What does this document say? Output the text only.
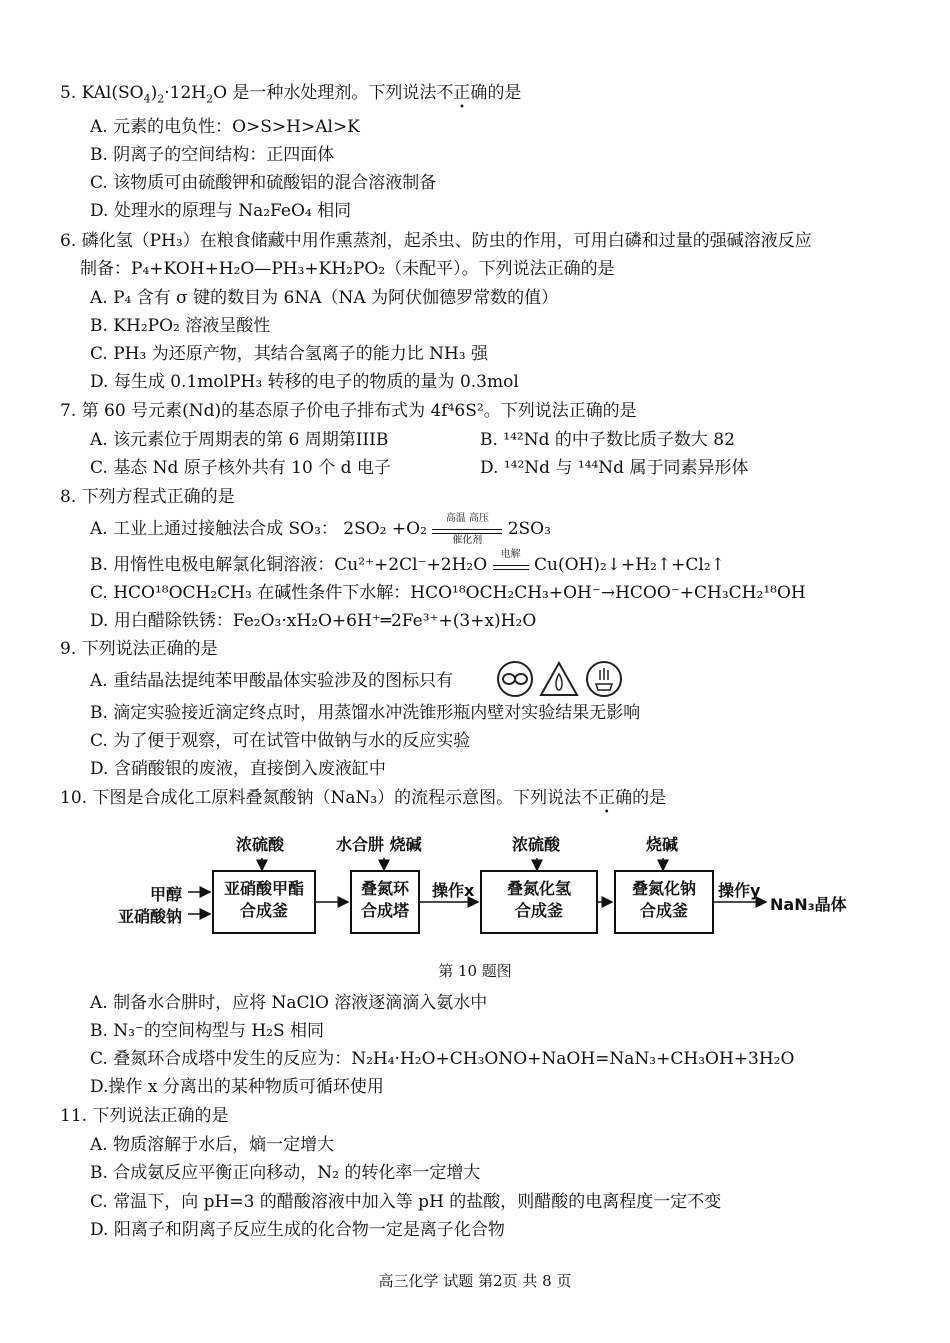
5. $KAl(SO_4)_2\cdot 12H_2O$ 是一种水处理剂。下列说法不正确的是
A. 元素的电负性：O>S>H>Al>K
B. 阴离子的空间结构：正四面体
C. 该物质可由硫酸钾和硫酸铝的混合溶液制备
D. 处理水的原理与 Na₂FeO₄ 相同
6. 磷化氢（PH₃）在粮食储藏中用作熏蒸剂，起杀虫、防虫的作用，可用白磷和过量的强碱溶液反应
制备：P₄+KOH+H₂O—PH₃+KH₂PO₂（未配平）。下列说法正确的是
A. P₄ 含有 σ 键的数目为 6NA（NA 为阿伏伽德罗常数的值）
B. KH₂PO₂ 溶液呈酸性
C. PH₃ 为还原产物，其结合氢离子的能力比 NH₃ 强
D. 每生成 0.1molPH₃ 转移的电子的物质的量为 0.3mol
7. 第 60 号元素(Nd)的基态原子价电子排布式为 4f⁴6S²。下列说法正确的是
A. 该元素位于周期表的第 6 周期第IIIB	B. ¹⁴²Nd 的中子数比质子数大 82
C. 基态 Nd 原子核外共有 10 个 d 电子	D. ¹⁴²Nd 与 ¹⁴⁴Nd 属于同素异形体
8. 下列方程式正确的是
A. 工业上通过接触法合成 SO₃： 2SO₂ +O₂
高温 高压
催化剂
2SO₃
B. 用惰性电极电解氯化铜溶液：Cu²⁺+2Cl⁻+2H₂O
电解
Cu(OH)₂↓+H₂↑+Cl₂↑
C. HCO¹⁸OCH₂CH₃ 在碱性条件下水解：HCO¹⁸OCH₂CH₃+OH⁻→HCOO⁻+CH₃CH₂¹⁸OH
D. 用白醋除铁锈：Fe₂O₃·xH₂O+6H⁺═2Fe³⁺+(3+x)H₂O
9. 下列说法正确的是
A. 重结晶法提纯苯甲酸晶体实验涉及的图标只有
B. 滴定实验接近滴定终点时，用蒸馏水冲洗锥形瓶内壁对实验结果无影响
C. 为了便于观察，可在试管中做钠与水的反应实验
D. 含硝酸银的废液，直接倒入废液缸中
10. 下图是合成化工原料叠氮酸钠（NaN₃）的流程示意图。下列说法不正确的是
甲醇
亚硝酸钠
浓硫酸	水合肼 烧碱	浓硫酸	烧碱
亚硝酸甲酯
合成釜
叠氮环
合成塔
操作x	叠氮化氢
合成釜
叠氮化钠
合成釜
操作y
NaN₃晶体
第 10 题图
A. 制备水合肼时，应将 NaClO 溶液逐滴滴入氨水中
B. N₃⁻的空间构型与 H₂S 相同
C. 叠氮环合成塔中发生的反应为：N₂H₄·H₂O+CH₃ONO+NaOH=NaN₃+CH₃OH+3H₂O
D.操作 x 分离出的某种物质可循环使用
11. 下列说法正确的是
A. 物质溶解于水后，熵一定增大
B. 合成氨反应平衡正向移动，N₂ 的转化率一定增大
C. 常温下，向 pH=3 的醋酸溶液中加入等 pH 的盐酸，则醋酸的电离程度一定不变
D. 阳离子和阴离子反应生成的化合物一定是离子化合物
高三化学 试题 第2页 共 8 页
